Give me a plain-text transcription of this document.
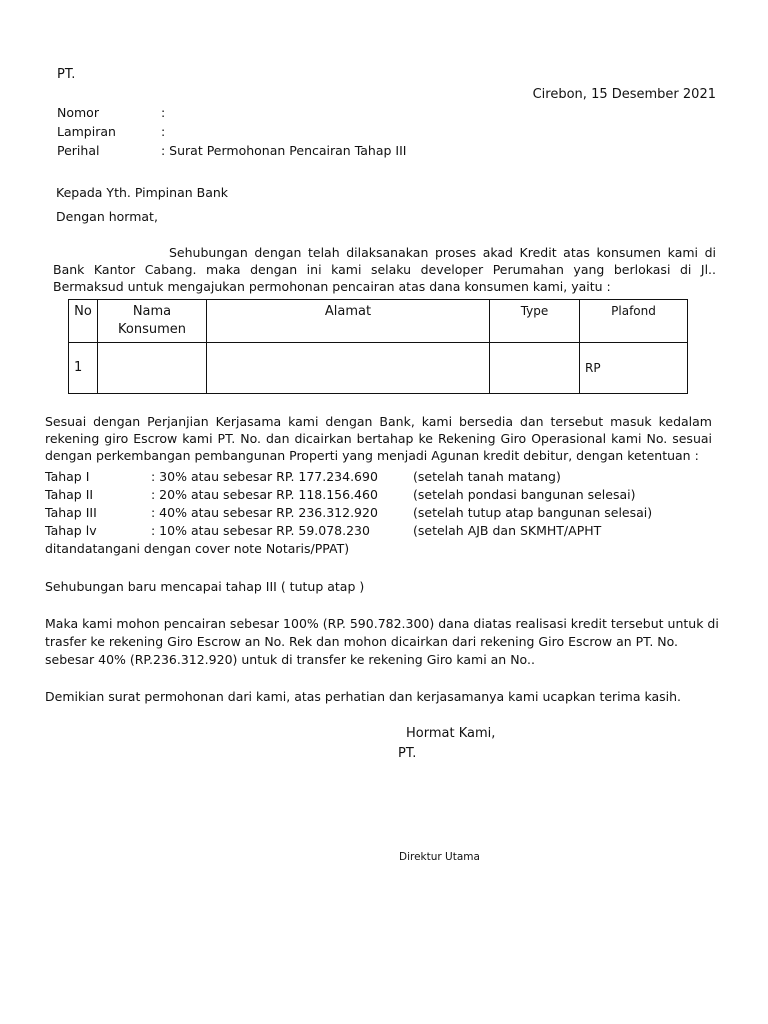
PT.
Cirebon, 15 Desember 2021
Nomor	:
Lampiran	:
Perihal	: Surat Permohonan Pencairan Tahap III
Kepada Yth. Pimpinan Bank
Dengan hormat,
Sehubungan dengan telah dilaksanakan proses akad Kredit atas konsumen kami di Bank Kantor Cabang. maka dengan ini kami selaku developer Perumahan yang berlokasi di Jl.. Bermaksud untuk mengajukan permohonan pencairan atas dana konsumen kami, yaitu :
No	Nama Konsumen	Alamat	Type	Plafond
1				RP
Sesuai dengan Perjanjian Kerjasama kami dengan Bank, kami bersedia dan tersebut masuk kedalam rekening giro Escrow kami PT. No. dan dicairkan bertahap ke Rekening Giro Operasional kami No. sesuai dengan perkembangan pembangunan Properti yang menjadi Agunan kredit debitur, dengan ketentuan :
Tahap I	: 30% atau sebesar RP. 177.234.690	(setelah tanah matang)
Tahap II	: 20% atau sebesar RP. 118.156.460	(setelah pondasi bangunan selesai)
Tahap III	: 40% atau sebesar RP. 236.312.920	(setelah tutup atap bangunan selesai)
Tahap lv	: 10% atau sebesar RP. 59.078.230	(setelah AJB dan SKMHT/APHT
ditandatangani dengan cover note Notaris/PPAT)
Sehubungan baru mencapai tahap III ( tutup atap )
Maka kami mohon pencairan sebesar 100% (RP. 590.782.300) dana diatas realisasi kredit tersebut untuk di trasfer ke rekening Giro Escrow an No. Rek dan mohon dicairkan dari rekening Giro Escrow an PT. No. sebesar 40% (RP.236.312.920) untuk di transfer ke rekening Giro kami an No..
Demikian surat permohonan dari kami, atas perhatian dan kerjasamanya kami ucapkan terima kasih.
Hormat Kami,
PT.
Direktur Utama
